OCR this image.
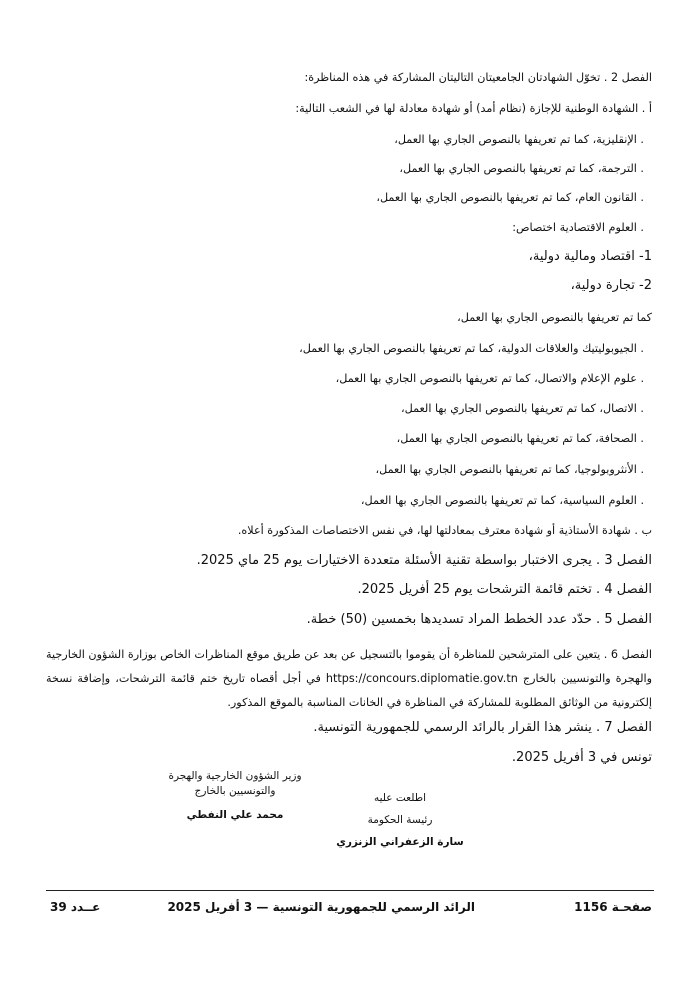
الفصل 2 . تخوّل الشهادتان الجامعيتان التاليتان المشاركة في هذه المناظرة:
أ . الشهادة الوطنية للإجازة (نظام أمد) أو شهادة معادلة لها في الشعب التالية:
. الإنقليزية، كما تم تعريفها بالنصوص الجاري بها العمل،
. الترجمة، كما تم تعريفها بالنصوص الجاري بها العمل،
. القانون العام، كما تم تعريفها بالنصوص الجاري بها العمل،
. العلوم الاقتصادية اختصاص:
1- اقتصاد ومالية دولية،
2- تجارة دولية،
كما تم تعريفها بالنصوص الجاري بها العمل،
. الجيوبوليتيك والعلاقات الدولية، كما تم تعريفها بالنصوص الجاري بها العمل،
. علوم الإعلام والاتصال، كما تم تعريفها بالنصوص الجاري بها العمل،
. الاتصال، كما تم تعريفها بالنصوص الجاري بها العمل،
. الصحافة، كما تم تعريفها بالنصوص الجاري بها العمل،
. الأنثروبولوجيا، كما تم تعريفها بالنصوص الجاري بها العمل،
. العلوم السياسية، كما تم تعريفها بالنصوص الجاري بها العمل،
ب . شهادة الأستاذية أو شهادة معترف بمعادلتها لها، في نفس الاختصاصات المذكورة أعلاه.
الفصل 3 . يجرى الاختبار بواسطة تقنية الأسئلة متعددة الاختيارات يوم 25 ماي 2025.
الفصل 4 . تختم قائمة الترشحات يوم 25 أفريل 2025.
الفصل 5 . حدّد عدد الخطط المراد تسديدها بخمسين (50) خطة.
الفصل 6 . يتعين على المترشحين للمناظرة أن يقوموا بالتسجيل عن بعد عن طريق موقع المناظرات الخاص بوزارة الشؤون الخارجية والهجرة والتونسيين بالخارج https://concours.diplomatie.gov.tn في أجل أقصاه تاريخ ختم قائمة الترشحات، وإضافة نسخة إلكترونية من الوثائق المطلوبة للمشاركة في المناظرة في الخانات المناسبة بالموقع المذكور.
الفصل 7 . ينشر هذا القرار بالرائد الرسمي للجمهورية التونسية.
تونس في 3 أفريل 2025.
وزير الشؤون الخارجية والهجرة
والتونسيين بالخارج
محمد علي النفطي
اطلعت عليه
رئيسة الحكومة
سارة الزعفراني الزنزري
صفحـة 1156
الرائد الرسمي للجمهورية التونسية — 3 أفريل 2025
عــدد 39
